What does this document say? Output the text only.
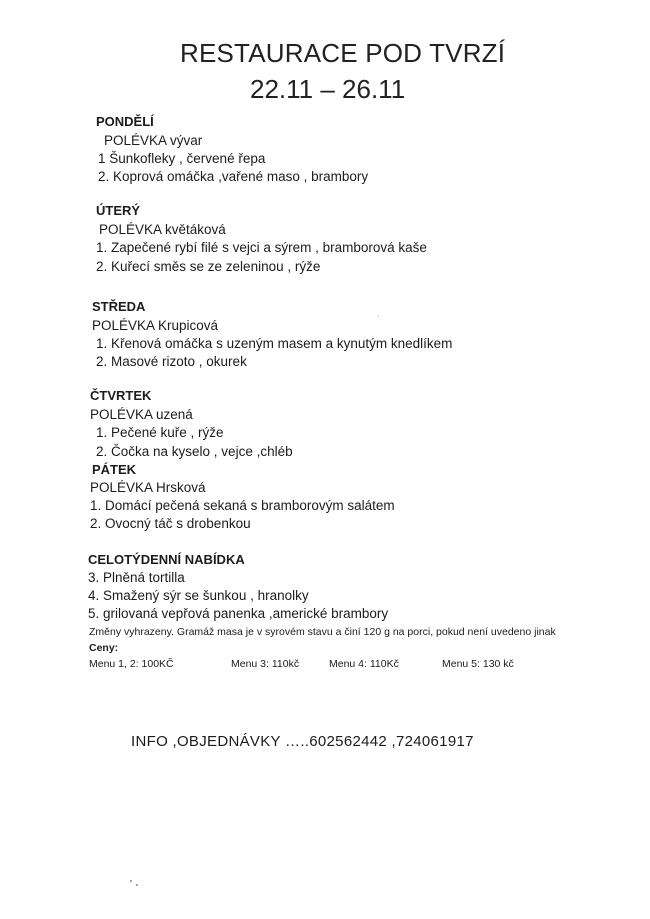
RESTAURACE POD TVRZÍ
22.11 – 26.11
PONDĚLÍ
POLÉVKA vývar
1 Šunkofleky , červené řepa
2. Koprová omáčka ,vařené maso , brambory
ÚTERÝ
POLÉVKA květáková
1. Zapečené rybí filé s vejci a sýrem , bramborová kaše
2. Kuřecí směs se ze zeleninou , rýže
STŘEDA
POLÉVKA Krupicová
1. Křenová omáčka s uzeným masem a kynutým knedlíkem
2. Masové rizoto , okurek
ČTVRTEK
POLÉVKA uzená
1. Pečené kuře , rýže
2. Čočka na kyselo , vejce ,chléb
PÁTEK
POLÉVKA Hrsková
1. Domácí pečená sekaná s bramborovým salátem
2. Ovocný táč s drobenkou
CELOTÝDENNÍ NABÍDKA
3. Plněná tortilla
4. Smažený sýr se šunkou , hranolky
5. grilovaná vepřová panenka ,americké brambory
Změny vyhrazeny. Gramáž masa je v syrovém stavu a činí 120 g na porci, pokud není uvedeno jinak
Ceny:
Menu 1, 2: 100KČ	Menu 3: 110kč	Menu 4: 110Kč	Menu 5: 130 kč
INFO ,OBJEDNÁVKY …..602562442 ,724061917
